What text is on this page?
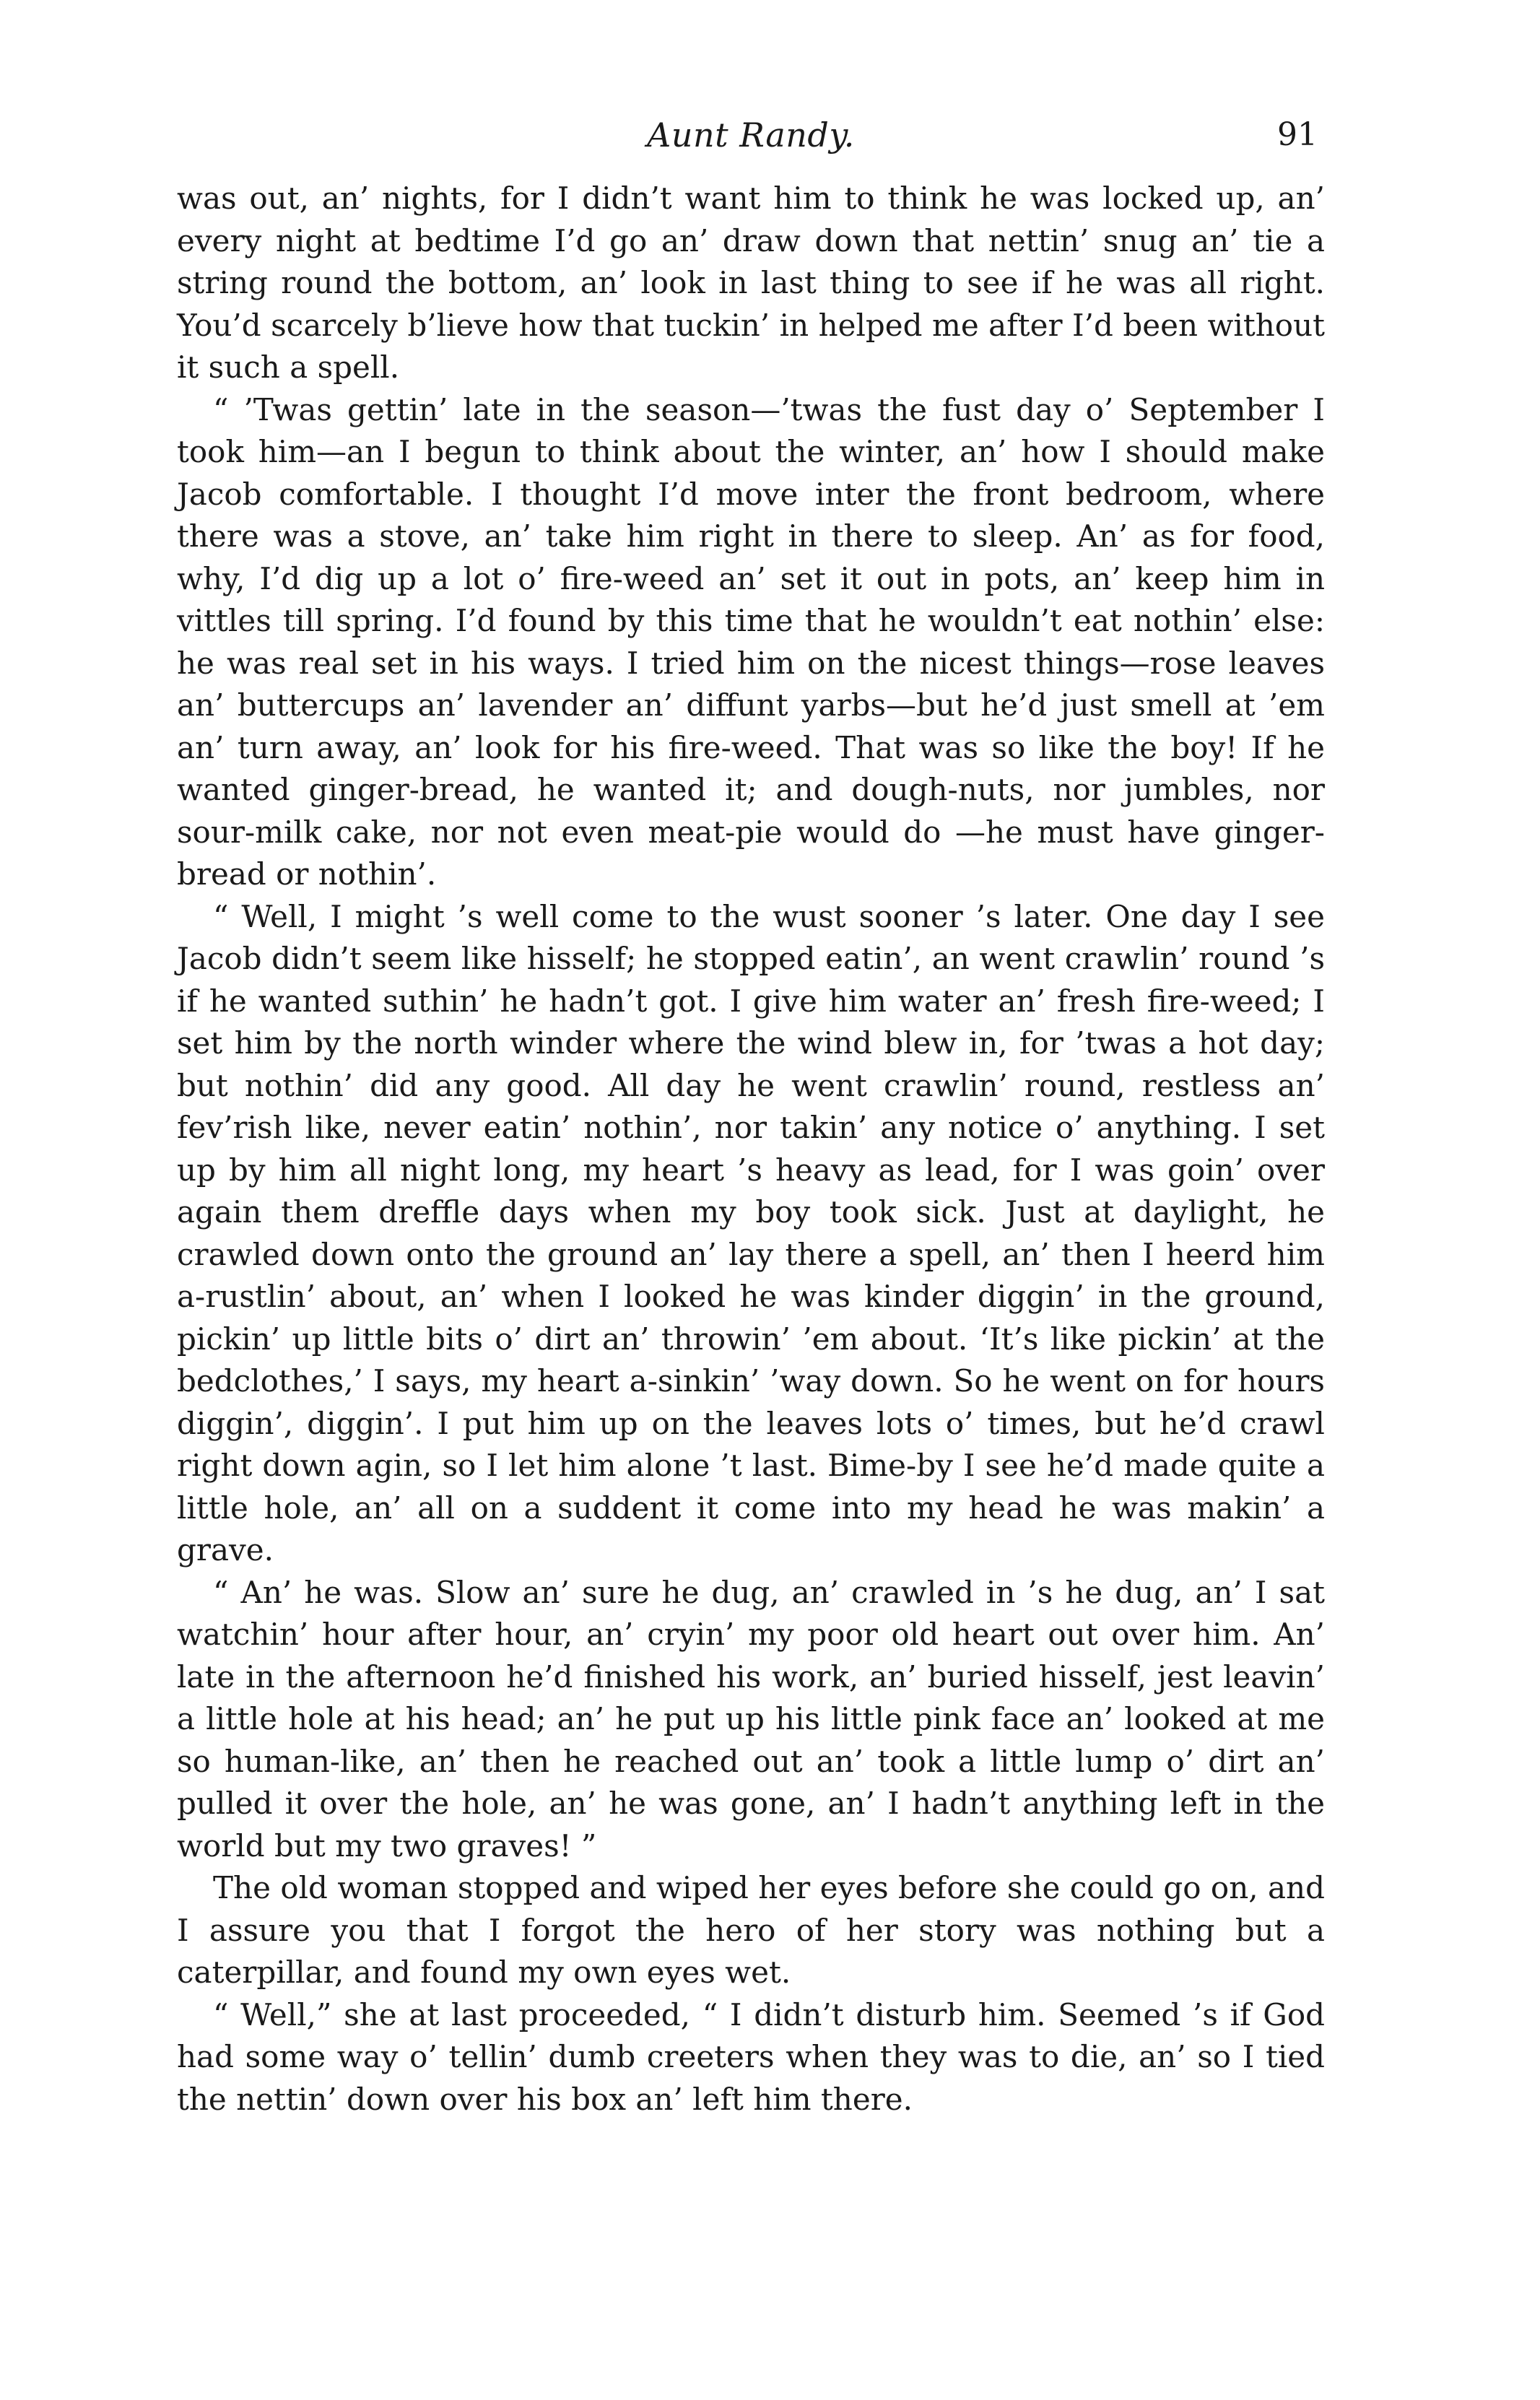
Aunt Randy.	91

was out, an’ nights, for I didn’t want him to think he was locked up, an’ every night at bedtime I’d go an’ draw down that nettin’ snug an’ tie a string round the bottom, an’ look in last thing to see if he was all right. You’d scarcely b’lieve how that tuckin’ in helped me after I’d been without it such a spell.

“ ’Twas gettin’ late in the season—’twas the fust day o’ September I took him—an I begun to think about the winter, an’ how I should make Jacob comfortable. I thought I’d move inter the front bedroom, where there was a stove, an’ take him right in there to sleep. An’ as for food, why, I’d dig up a lot o’ fire-weed an’ set it out in pots, an’ keep him in vittles till spring. I’d found by this time that he wouldn’t eat nothin’ else: he was real set in his ways. I tried him on the nicest things—rose leaves an’ buttercups an’ lavender an’ diffunt yarbs—but he’d just smell at ’em an’ turn away, an’ look for his fire-weed. That was so like the boy! If he wanted ginger-bread, he wanted it; and dough-nuts, nor jumbles, nor sour-milk cake, nor not even meat-pie would do —he must have ginger-bread or nothin’.

“ Well, I might ’s well come to the wust sooner ’s later. One day I see Jacob didn’t seem like hisself; he stopped eatin’, an went crawlin’ round ’s if he wanted suthin’ he hadn’t got. I give him water an’ fresh fire-weed; I set him by the north winder where the wind blew in, for ’twas a hot day; but nothin’ did any good. All day he went crawlin’ round, restless an’ fev’rish like, never eatin’ nothin’, nor takin’ any notice o’ anything. I set up by him all night long, my heart ’s heavy as lead, for I was goin’ over again them dreffle days when my boy took sick. Just at daylight, he crawled down onto the ground an’ lay there a spell, an’ then I heerd him a-rustlin’ about, an’ when I looked he was kinder diggin’ in the ground, pickin’ up little bits o’ dirt an’ throwin’ ’em about. ‘It’s like pickin’ at the bedclothes,’ I says, my heart a-sinkin’ ’way down. So he went on for hours diggin’, diggin’. I put him up on the leaves lots o’ times, but he’d crawl right down agin, so I let him alone ’t last. Bime-by I see he’d made quite a little hole, an’ all on a suddent it come into my head he was makin’ a grave.

“ An’ he was. Slow an’ sure he dug, an’ crawled in ’s he dug, an’ I sat watchin’ hour after hour, an’ cryin’ my poor old heart out over him. An’ late in the afternoon he’d finished his work, an’ buried hisself, jest leavin’ a little hole at his head; an’ he put up his little pink face an’ looked at me so human-like, an’ then he reached out an’ took a little lump o’ dirt an’ pulled it over the hole, an’ he was gone, an’ I hadn’t anything left in the world but my two graves! ”

The old woman stopped and wiped her eyes before she could go on, and I assure you that I forgot the hero of her story was nothing but a caterpillar, and found my own eyes wet.

“ Well,” she at last proceeded, “ I didn’t disturb him. Seemed ’s if God had some way o’ tellin’ dumb creeters when they was to die, an’ so I tied the nettin’ down over his box an’ left him there.
